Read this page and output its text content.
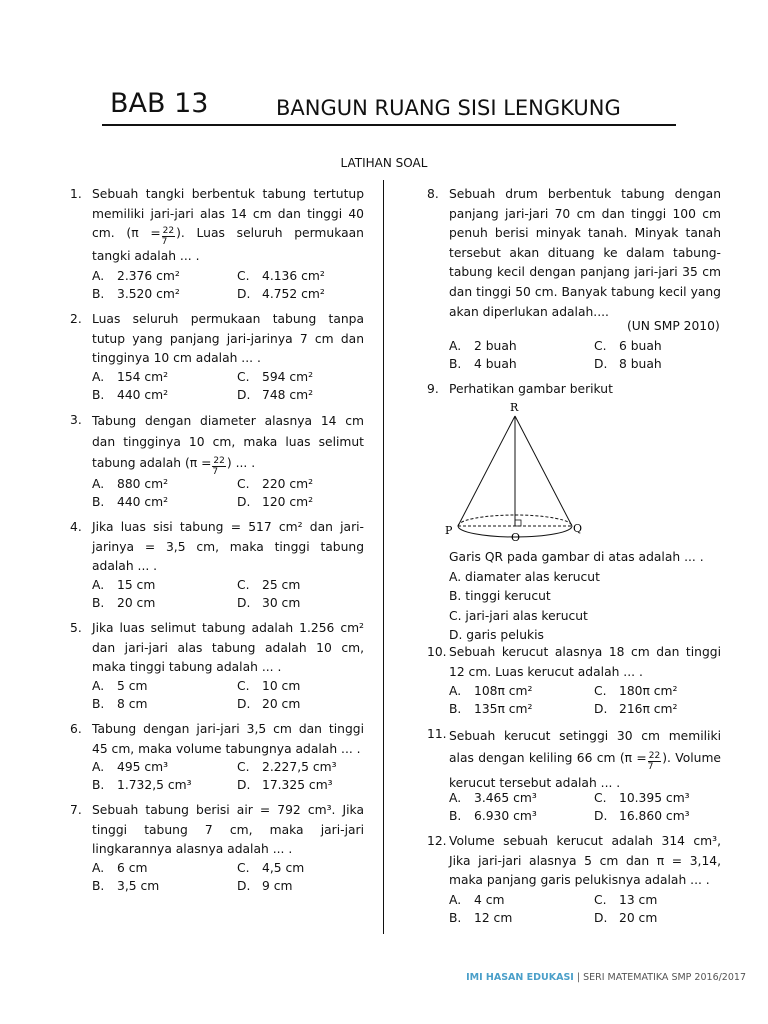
BAB 13	BANGUN RUANG SISI LENGKUNG
LATIHAN SOAL
1. Sebuah tangki berbentuk tabung tertutup memiliki jari-jari alas 14 cm dan tinggi 40 cm. ($\pi = \frac{22}{7}$ ). Luas seluruh permukaan tangki adalah ... .
A. 2.376 cm²	C. 4.136 cm²
B. 3.520 cm²	D. 4.752 cm²
2. Luas seluruh permukaan tabung tanpa tutup yang panjang jari-jarinya 7 cm dan tingginya 10 cm adalah ... .
A. 154 cm²	C. 594 cm²
B. 440 cm²	D. 748 cm²
3. Tabung dengan diameter alasnya 14 cm dan tingginya 10 cm, maka luas selimut tabung adalah ($\pi = \frac{22}{7}$ ) ... .
A. 880 cm²	C. 220 cm²
B. 440 cm²	D. 120 cm²
4. Jika luas sisi tabung = 517 cm² dan jari-jarinya = 3,5 cm, maka tinggi tabung adalah ... .
A. 15 cm	C. 25 cm
B. 20 cm	D. 30 cm
5. Jika luas selimut tabung adalah 1.256 cm² dan jari-jari alas tabung adalah 10 cm, maka tinggi tabung adalah ... .
A. 5 cm	C. 10 cm
B. 8 cm	D. 20 cm
6. Tabung dengan jari-jari 3,5 cm dan tinggi 45 cm, maka volume tabungnya adalah ... .
A. 495 cm³	C. 2.227,5 cm³
B. 1.732,5 cm³	D. 17.325 cm³
7. Sebuah tabung berisi air = 792 cm³. Jika tinggi tabung 7 cm, maka jari-jari lingkarannya alasnya adalah ... .
A. 6 cm	C. 4,5 cm
B. 3,5 cm	D. 9 cm
8. Sebuah drum berbentuk tabung dengan panjang jari-jari 70 cm dan tinggi 100 cm penuh berisi minyak tanah. Minyak tanah tersebut akan dituang ke dalam tabung-tabung kecil dengan panjang jari-jari 35 cm dan tinggi 50 cm. Banyak tabung kecil yang akan diperlukan adalah....
(UN SMP 2010)
A. 2 buah	C. 6 buah
B. 4 buah	D. 8 buah
9. Perhatikan gambar berikut
R
P	Q
O
Garis QR pada gambar di atas adalah ... .
A. diamater alas kerucut
B. tinggi kerucut
C. jari-jari alas kerucut
D. garis pelukis
10. Sebuah kerucut alasnya 18 cm dan tinggi 12 cm. Luas kerucut adalah ... .
A. 108π cm²	C. 180π cm²
B. 135π cm²	D. 216π cm²
11. Sebuah kerucut setinggi 30 cm memiliki alas dengan keliling 66 cm ($\pi = \frac{22}{7}$ ). Volume kerucut tersebut adalah ... .
A. 3.465 cm³	C. 10.395 cm³
B. 6.930 cm³	D. 16.860 cm³
12. Volume sebuah kerucut adalah 314 cm³, Jika jari-jari alasnya 5 cm dan π = 3,14, maka panjang garis pelukisnya adalah ... .
A. 4 cm	C. 13 cm
B. 12 cm	D. 20 cm
IMI HASAN EDUKASI | SERI MATEMATIKA SMP 2016/2017
